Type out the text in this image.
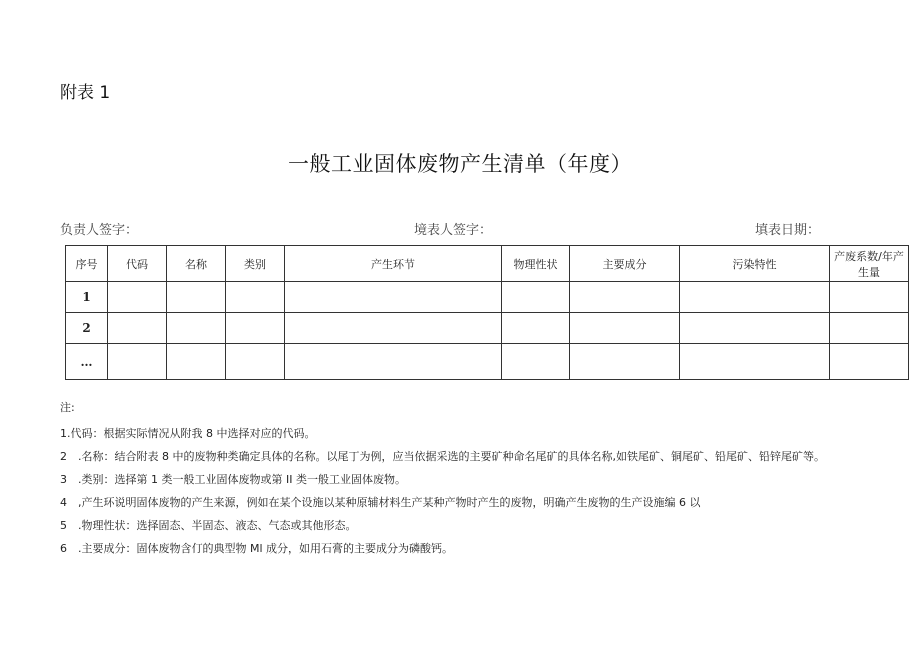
附表 1
一般工业固体废物产生清单（年度）
负责人签字：	境表人签字：	填表日期：
序号	代码	名称	类别	产生环节	物理性状	主要成分	污染特性	产废系数/年产生量
1								
2								
…								
注:
1.代码：根据实际情况从附我 8 中选择对应的代码。
2　.名称：结合附表 8 中的废物种类确定具体的名称。以尾丁为例，应当依据采选的主要矿种命名尾矿的具体名称,如铁尾矿、铜尾矿、铅尾矿、铅锌尾矿等。
3　.类别：选择第 1 类一般工业固体废物或第 II 类一般工业固体废物。
4　,产生环说明固体废物的产生来源，例如在某个设施以某种原辅材料生产某种产物时产生的废物，明确产生废物的生产设施编 6 以
5　.物理性状：选择固态、半固态、液态、气态或其他形态。
6　.主要成分：固体废物含仃的典型物 Ml 成分，如用石膏的主要成分为磷酸钙。
